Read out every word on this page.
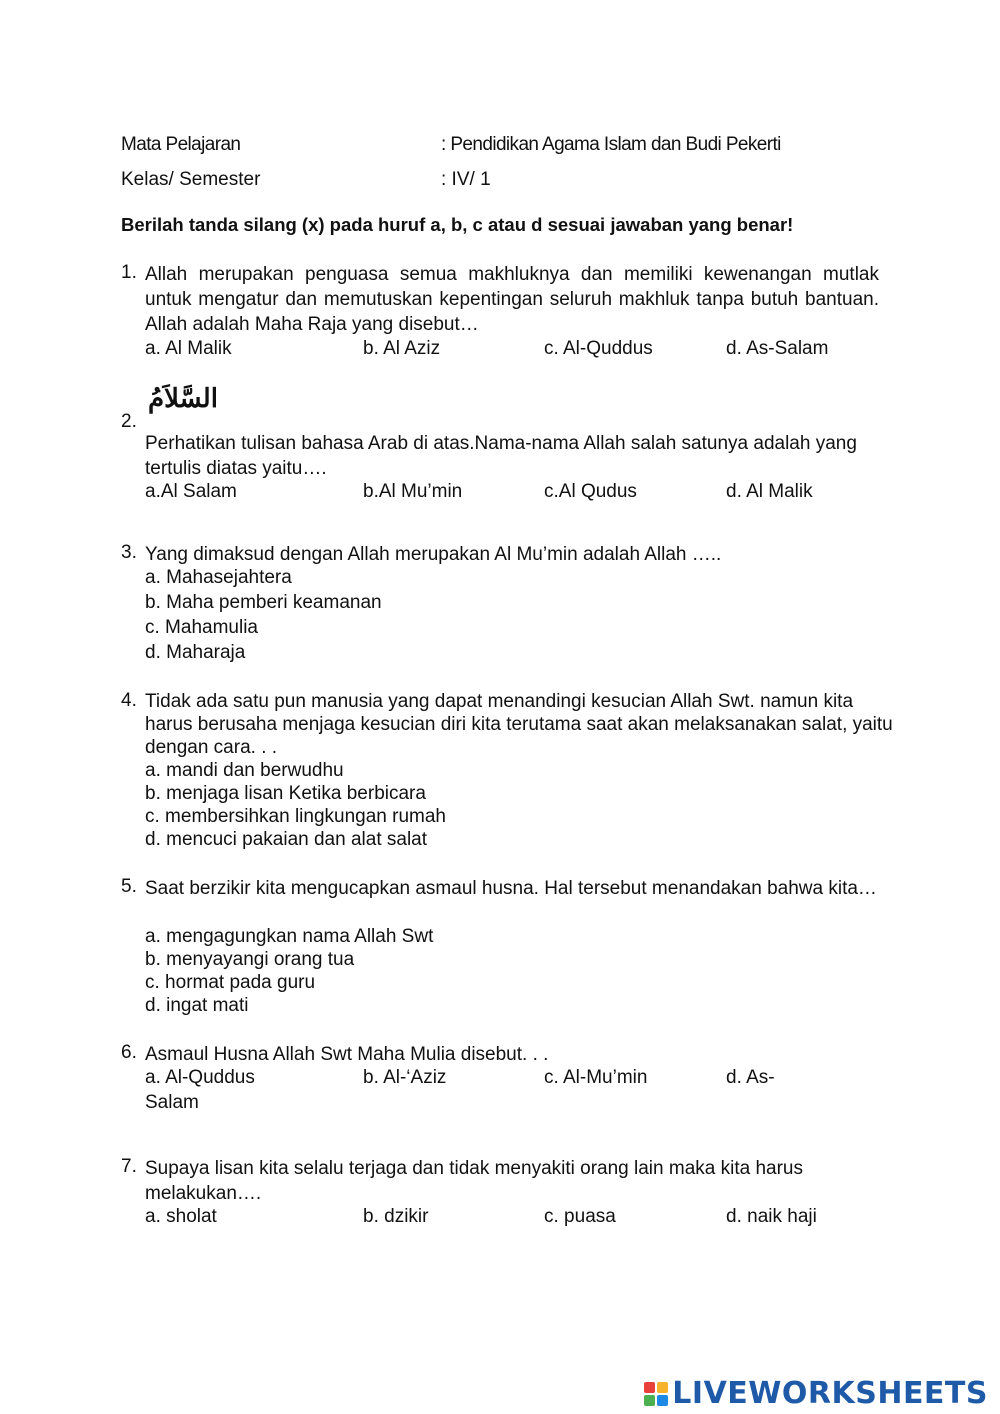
Mata Pelajaran	: Pendidikan Agama Islam dan Budi Pekerti
Kelas/ Semester	: IV/ 1
Berilah tanda silang (x) pada huruf a, b, c atau d sesuai jawaban yang benar!
1. Allah merupakan penguasa semua makhluknya dan memiliki kewenangan mutlak untuk mengatur dan memutuskan kepentingan seluruh makhluk tanpa butuh bantuan. Allah adalah Maha Raja yang disebut…
a. Al Malik	b. Al Aziz	c. Al-Quddus	d. As-Salam
السَّلاَمُ
2.
Perhatikan tulisan bahasa Arab di atas.Nama-nama Allah salah satunya adalah yang tertulis diatas yaitu….
a.Al Salam	b.Al Mu’min	c.Al Qudus	d. Al Malik
3. Yang dimaksud dengan Allah merupakan Al Mu’min adalah Allah …..
a. Mahasejahtera
b. Maha pemberi keamanan
c. Mahamulia
d. Maharaja
4. Tidak ada satu pun manusia yang dapat menandingi kesucian Allah Swt. namun kita harus berusaha menjaga kesucian diri kita terutama saat akan melaksanakan salat, yaitu dengan cara. . .
a. mandi dan berwudhu
b. menjaga lisan Ketika berbicara
c. membersihkan lingkungan rumah
d. mencuci pakaian dan alat salat
5. Saat berzikir kita mengucapkan asmaul husna. Hal tersebut menandakan bahwa kita…
a. mengagungkan nama Allah Swt
b. menyayangi orang tua
c. hormat pada guru
d. ingat mati
6. Asmaul Husna Allah Swt Maha Mulia disebut. . .
a. Al-Quddus	b. Al-‘Aziz	c. Al-Mu’min	d. As-
Salam
7. Supaya lisan kita selalu terjaga dan tidak menyakiti orang lain maka kita harus melakukan….
a. sholat	b. dzikir	c. puasa	d. naik haji
LIVEWORKSHEETS
